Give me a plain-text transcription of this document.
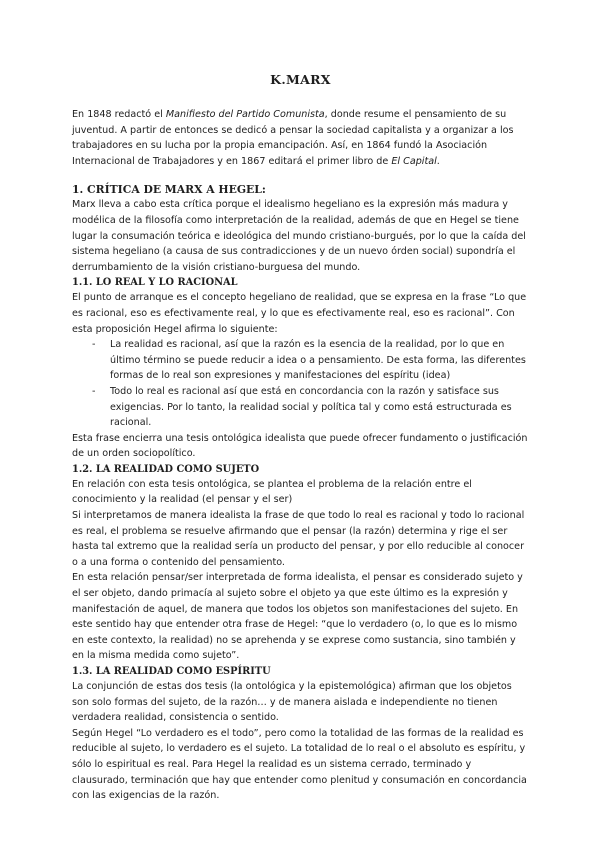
K.MARX

En 1848 redactó el Manifiesto del Partido Comunista, donde resume el pensamiento de su juventud. A partir de entonces se dedicó a pensar la sociedad capitalista y a organizar a los trabajadores en su lucha por la propia emancipación. Así, en 1864 fundó la Asociación Internacional de Trabajadores y en 1867 editará el primer libro de El Capital.

1. CRÍTICA DE MARX A HEGEL:

Marx lleva a cabo esta crítica porque el idealismo hegeliano es la expresión más madura y modélica de la filosofía como interpretación de la realidad, además de que en Hegel se tiene lugar la consumación teórica e ideológica del mundo cristiano-burgués, por lo que la caída del sistema hegeliano (a causa de sus contradicciones y de un nuevo órden social) supondría el derrumbamiento de la visión cristiano-burguesa del mundo.

1.1. LO REAL Y LO RACIONAL

El punto de arranque es el concepto hegeliano de realidad, que se expresa en la frase “Lo que es racional, eso es efectivamente real, y lo que es efectivamente real, eso es racional”. Con esta proposición Hegel afirma lo siguiente:

- La realidad es racional, así que la razón es la esencia de la realidad, por lo que en último término se puede reducir a idea o a pensamiento. De esta forma, las diferentes formas de lo real son expresiones y manifestaciones del espíritu (idea)
- Todo lo real es racional así que está en concordancia con la razón y satisface sus exigencias. Por lo tanto, la realidad social y política tal y como está estructurada es racional.

Esta frase encierra una tesis ontológica idealista que puede ofrecer fundamento o justificación de un orden sociopolítico.

1.2. LA REALIDAD COMO SUJETO

En relación con esta tesis ontológica, se plantea el problema de la relación entre el conocimiento y la realidad (el pensar y el ser)

Si interpretamos de manera idealista la frase de que todo lo real es racional y todo lo racional es real, el problema se resuelve afirmando que el pensar (la razón) determina y rige el ser hasta tal extremo que la realidad sería un producto del pensar, y por ello reducible al conocer o a una forma o contenido del pensamiento.

En esta relación pensar/ser interpretada de forma idealista, el pensar es considerado sujeto y el ser objeto, dando primacía al sujeto sobre el objeto ya que este último es la expresión y manifestación de aquel, de manera que todos los objetos son manifestaciones del sujeto. En este sentido hay que entender otra frase de Hegel: “que lo verdadero (o, lo que es lo mismo en este contexto, la realidad) no se aprehenda y se exprese como sustancia, sino también y en la misma medida como sujeto”.

1.3. LA REALIDAD COMO ESPÍRITU

La conjunción de estas dos tesis (la ontológica y la epistemológica) afirman que los objetos son solo formas del sujeto, de la razón… y de manera aislada e independiente no tienen verdadera realidad, consistencia o sentido.

Según Hegel “Lo verdadero es el todo”, pero como la totalidad de las formas de la realidad es reducible al sujeto, lo verdadero es el sujeto. La totalidad de lo real o el absoluto es espíritu, y sólo lo espiritual es real. Para Hegel la realidad es un sistema cerrado, terminado y clausurado, terminación que hay que entender como plenitud y consumación en concordancia con las exigencias de la razón.
